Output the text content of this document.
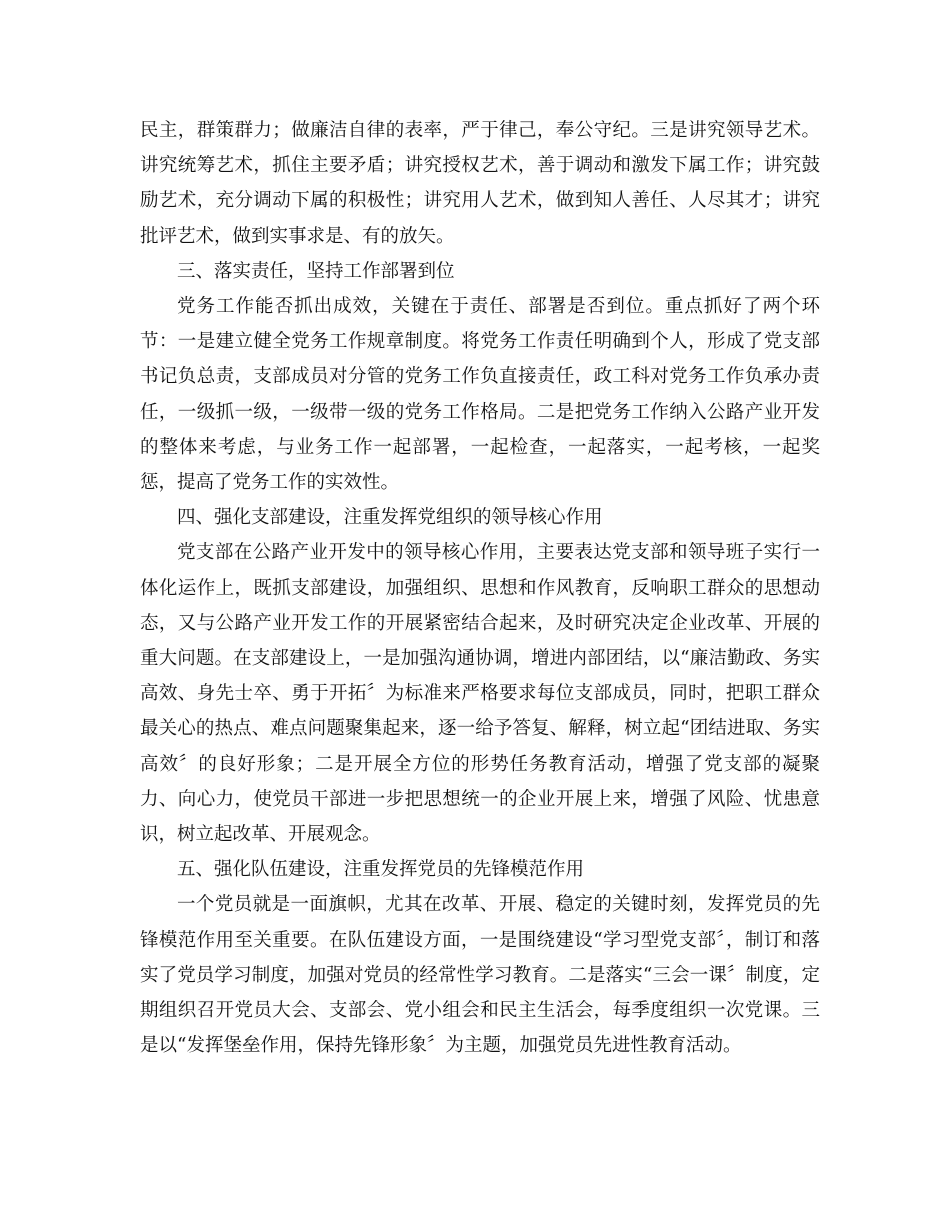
民主，群策群力；做廉洁自律的表率，严于律己，奉公守纪。三是讲究领导艺术。讲究统筹艺术，抓住主要矛盾；讲究授权艺术，善于调动和激发下属工作；讲究鼓励艺术，充分调动下属的积极性；讲究用人艺术，做到知人善任、人尽其才；讲究批评艺术，做到实事求是、有的放矢。

三、落实责任，坚持工作部署到位

党务工作能否抓出成效，关键在于责任、部署是否到位。重点抓好了两个环节：一是建立健全党务工作规章制度。将党务工作责任明确到个人，形成了党支部书记负总责，支部成员对分管的党务工作负直接责任，政工科对党务工作负承办责任，一级抓一级，一级带一级的党务工作格局。二是把党务工作纳入公路产业开发的整体来考虑，与业务工作一起部署，一起检查，一起落实，一起考核，一起奖惩，提高了党务工作的实效性。

四、强化支部建设，注重发挥党组织的领导核心作用

党支部在公路产业开发中的领导核心作用，主要表达党支部和领导班子实行一体化运作上，既抓支部建设，加强组织、思想和作风教育，反响职工群众的思想动态，又与公路产业开发工作的开展紧密结合起来，及时研究决定企业改革、开展的重大问题。在支部建设上，一是加强沟通协调，增进内部团结，以“廉洁勤政、务实高效、身先士卒、勇于开拓〞为标准来严格要求每位支部成员，同时，把职工群众最关心的热点、难点问题聚集起来，逐一给予答复、解释，树立起“团结进取、务实高效〞的良好形象；二是开展全方位的形势任务教育活动，增强了党支部的凝聚力、向心力，使党员干部进一步把思想统一的企业开展上来，增强了风险、忧患意识，树立起改革、开展观念。

五、强化队伍建设，注重发挥党员的先锋模范作用

一个党员就是一面旗帜，尤其在改革、开展、稳定的关键时刻，发挥党员的先锋模范作用至关重要。在队伍建设方面，一是围绕建设“学习型党支部〞，制订和落实了党员学习制度，加强对党员的经常性学习教育。二是落实“三会一课〞制度，定期组织召开党员大会、支部会、党小组会和民主生活会，每季度组织一次党课。三是以“发挥堡垒作用，保持先锋形象〞为主题，加强党员先进性教育活动。
